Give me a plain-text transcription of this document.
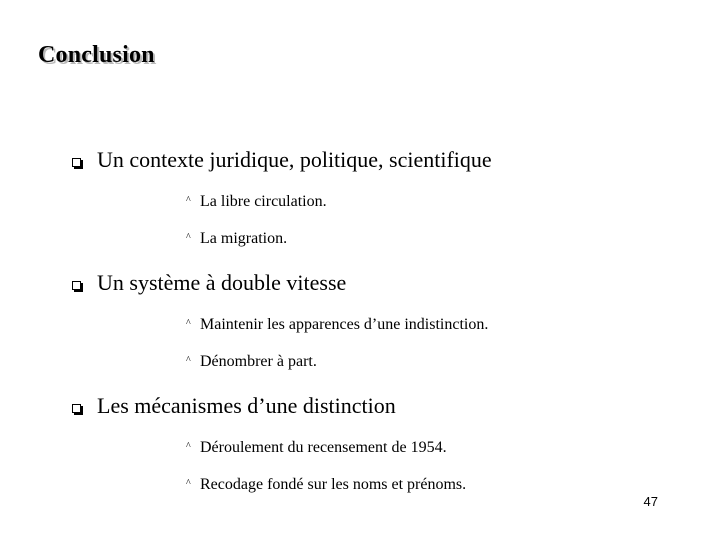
Conclusion
Un contexte juridique, politique, scientifique
^ La libre circulation.
^ La migration.
Un système à double vitesse
^ Maintenir les apparences d’une indistinction.
^ Dénombrer à part.
Les mécanismes d’une distinction
^ Déroulement du recensement de 1954.
^ Recodage fondé sur les noms et prénoms.
47
